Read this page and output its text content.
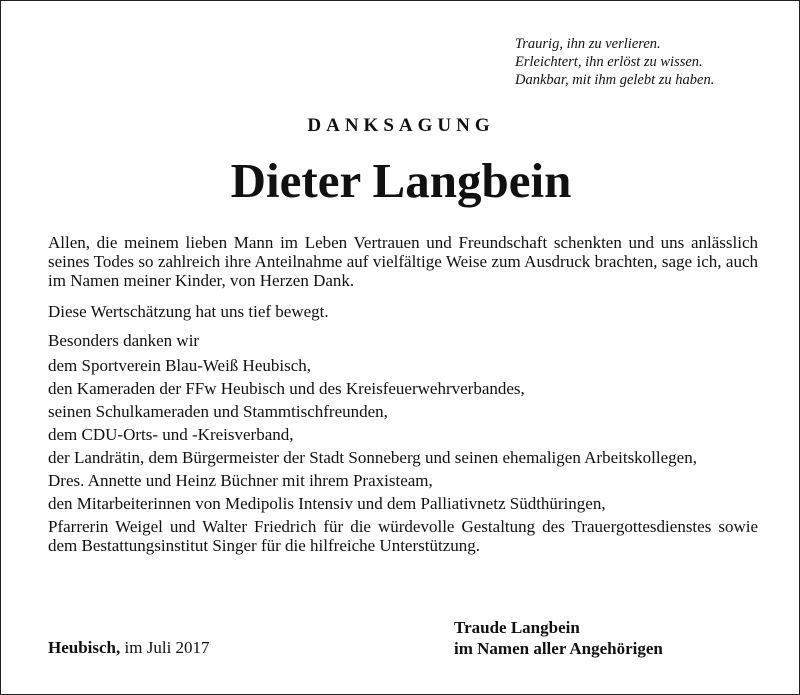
Traurig, ihn zu verlieren.
Erleichtert, ihn erlöst zu wissen.
Dankbar, mit ihm gelebt zu haben.
DANKSAGUNG
Dieter Langbein

Allen, die meinem lieben Mann im Leben Vertrauen und Freundschaft schenkten und uns anlässlich seines Todes so zahlreich ihre Anteilnahme auf vielfältige Weise zum Ausdruck brachten, sage ich, auch im Namen meiner Kinder, von Herzen Dank.

Diese Wertschätzung hat uns tief bewegt.

Besonders danken wir

dem Sportverein Blau-Weiß Heubisch,
den Kameraden der FFw Heubisch und des Kreisfeuerwehrverbandes,
seinen Schulkameraden und Stammtischfreunden,
dem CDU-Orts- und -Kreisverband,
der Landrätin, dem Bürgermeister der Stadt Sonneberg und seinen ehemaligen Arbeitskollegen,
Dres. Annette und Heinz Büchner mit ihrem Praxisteam,
den Mitarbeiterinnen von Medipolis Intensiv und dem Palliativnetz Südthüringen,
Pfarrerin Weigel und Walter Friedrich für die würdevolle Gestaltung des Trauergottesdienstes sowie dem Bestattungsinstitut Singer für die hilfreiche Unterstützung.
Heubisch, im Juli 2017
Traude Langbein
im Namen aller Angehörigen
